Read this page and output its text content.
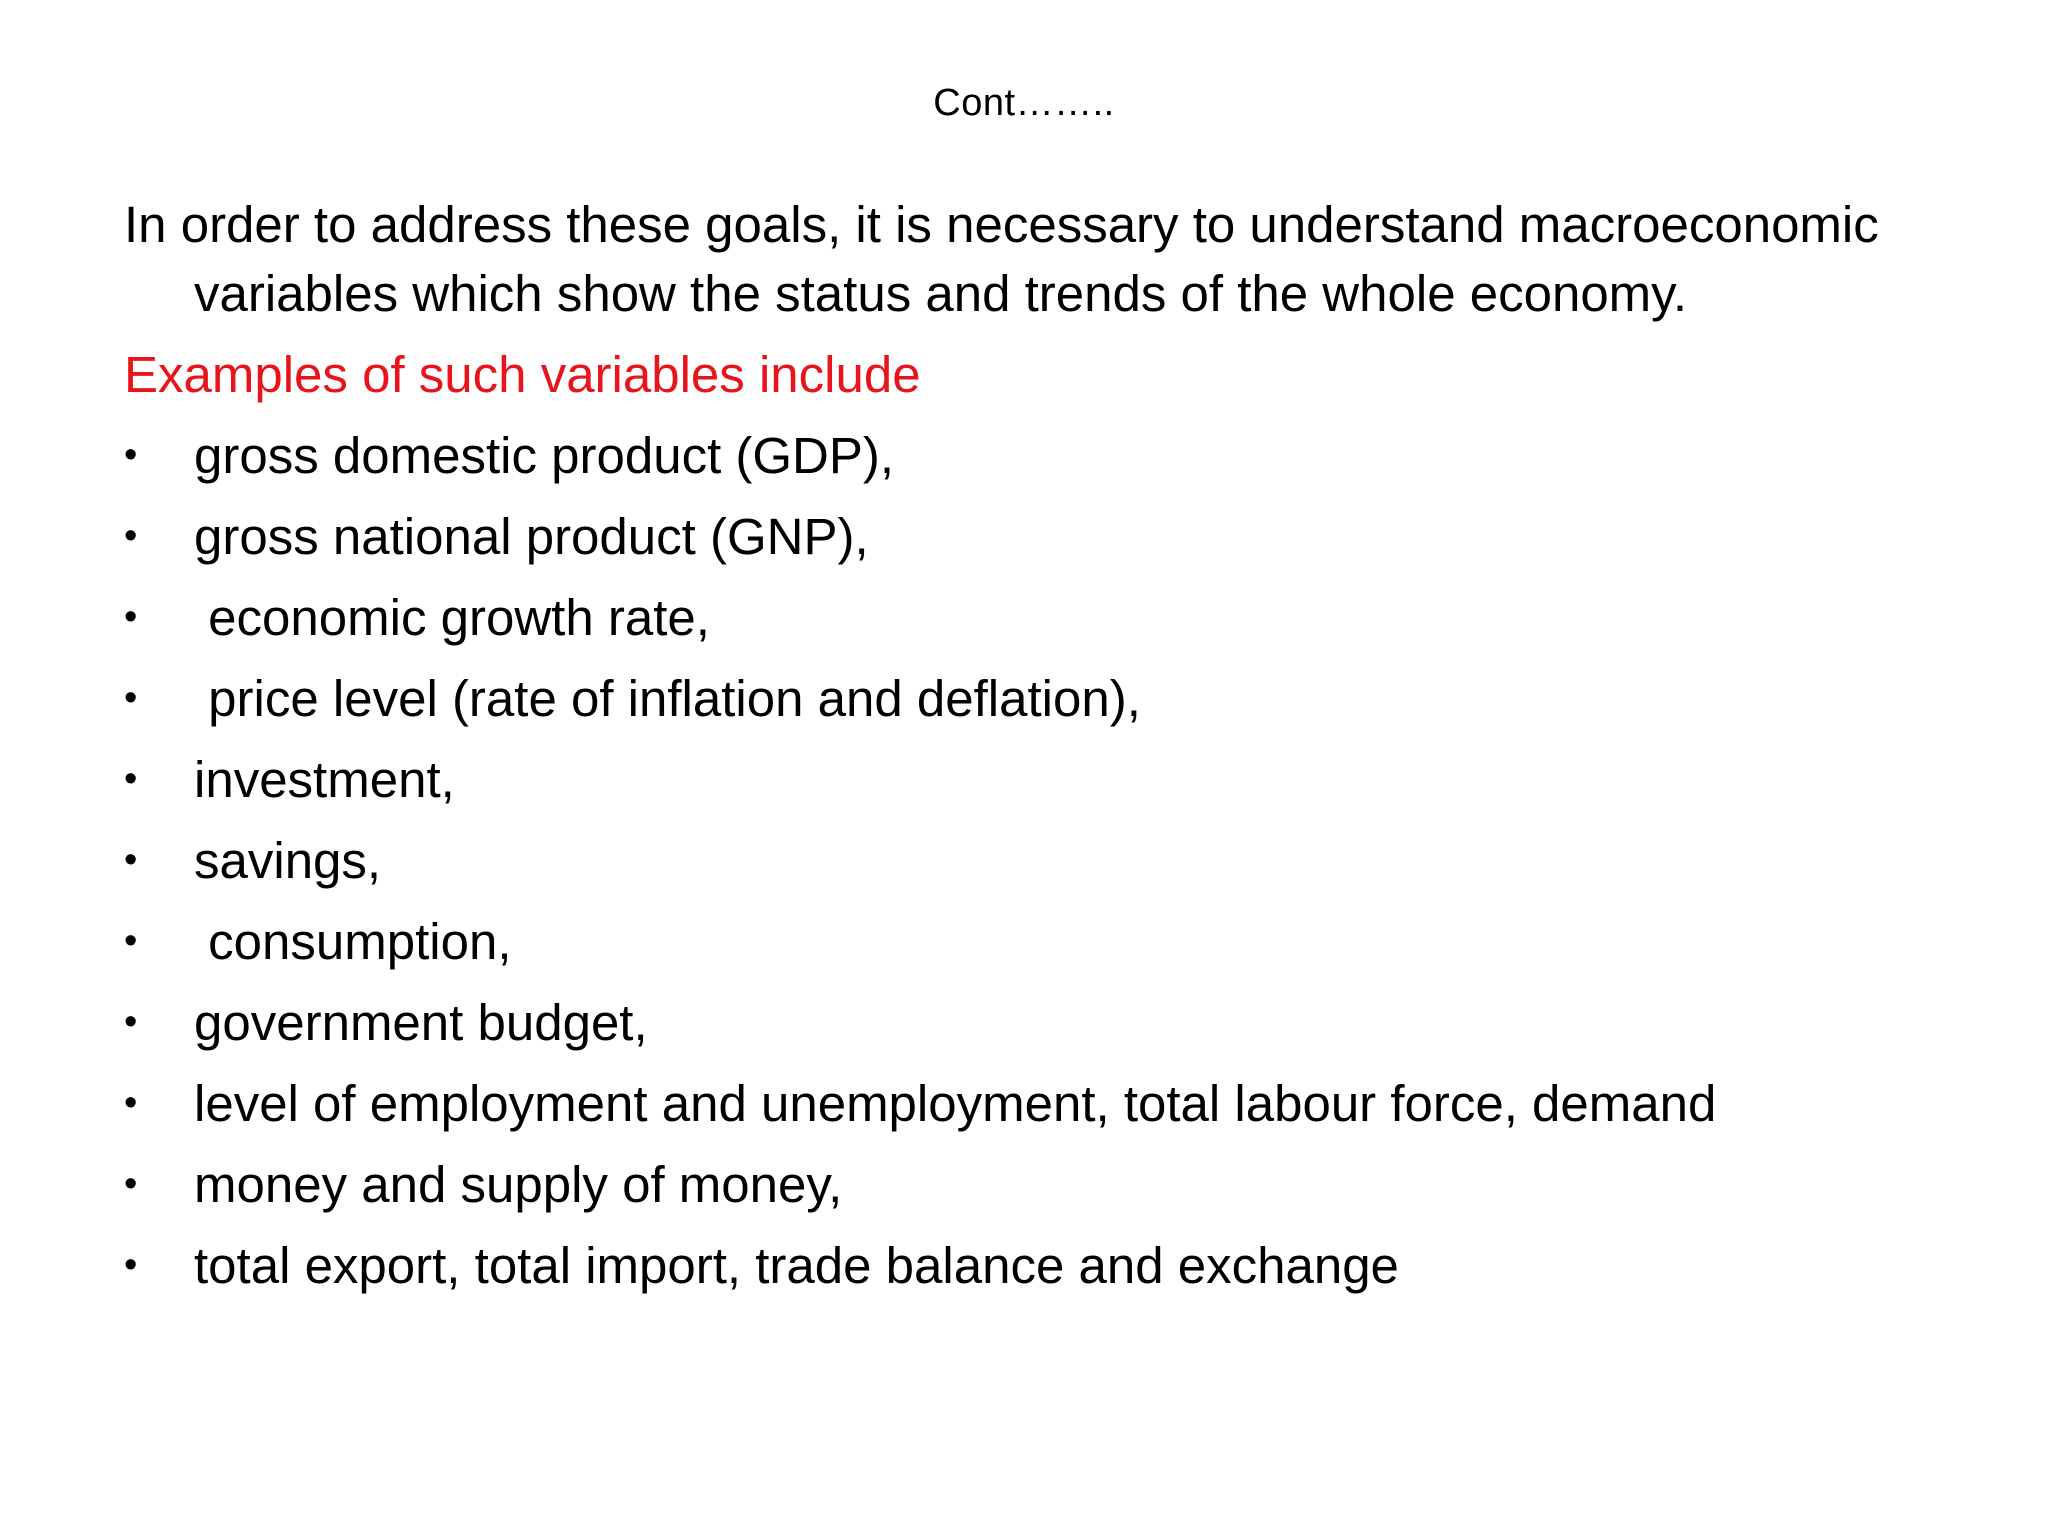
Cont……..

In order to address these goals, it is necessary to understand macroeconomic variables which show the status and trends of the whole economy.

Examples of such variables include

• gross domestic product (GDP),
• gross national product (GNP),
• economic growth rate,
• price level (rate of inflation and deflation),
• investment,
• savings,
• consumption,
• government budget,
• level of employment and unemployment, total labour force, demand
• money and supply of money,
• total export, total import, trade balance and exchange
